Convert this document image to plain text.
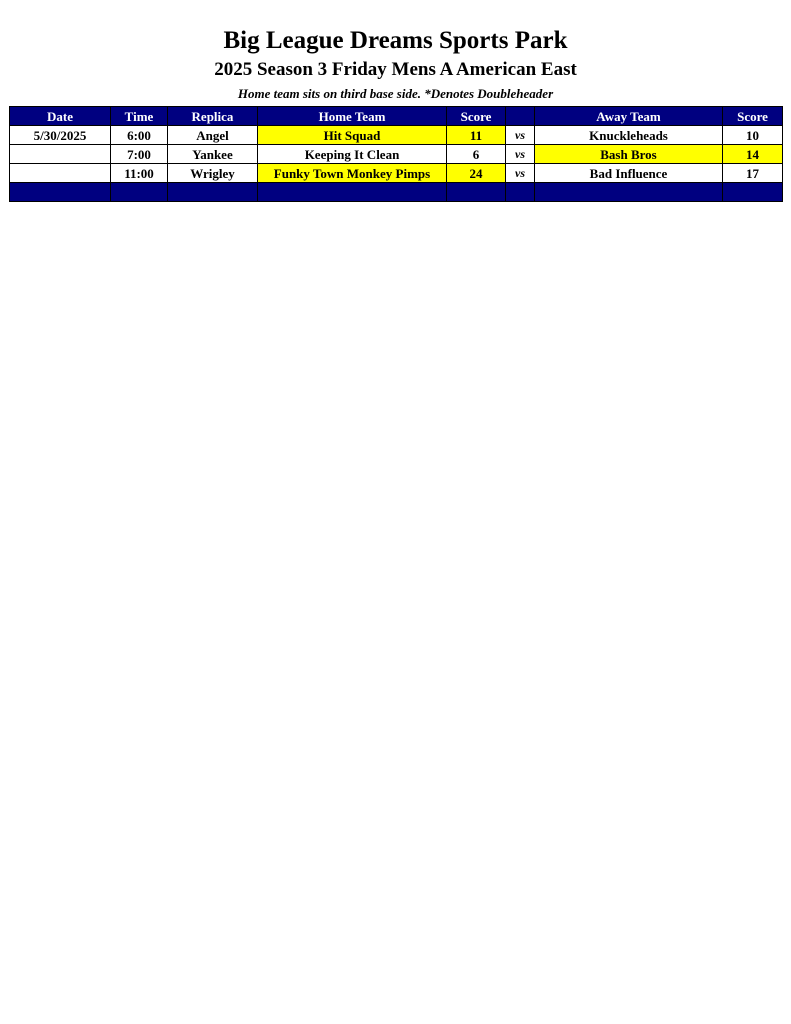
Big League Dreams Sports Park
2025 Season 3 Friday Mens A American East
Home team sits on third base side. *Denotes Doubleheader
Date	Time	Replica	Home Team	Score		Away Team	Score
5/30/2025	6:00	Angel	Hit Squad	11	vs	Knuckleheads	10
	7:00	Yankee	Keeping It Clean	6	vs	Bash Bros	14
	11:00	Wrigley	Funky Town Monkey Pimps	24	vs	Bad Influence	17
